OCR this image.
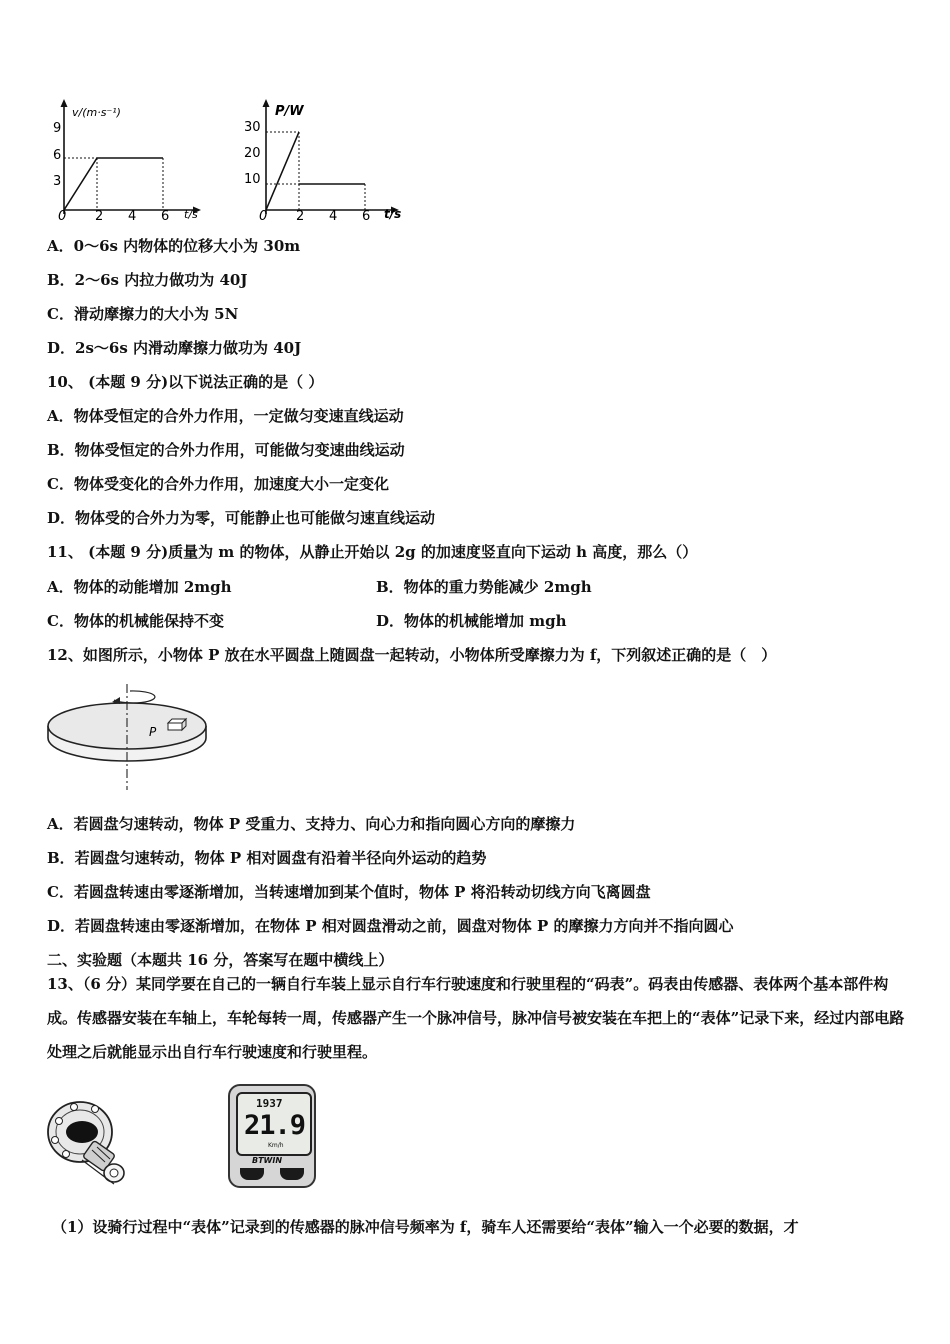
v/(m·s⁻¹)
t/s
0
3
6
9
2 4 6
P/W
t/s
0
10
20
30
2 4 6
A．0～6s 内物体的位移大小为 30m
B．2～6s 内拉力做功为 40J
C．滑动摩擦力的大小为 5N
D．2s～6s 内滑动摩擦力做功为 40J
10、 (本题 9 分)以下说法正确的是（ ）
A．物体受恒定的合外力作用，一定做匀变速直线运动
B．物体受恒定的合外力作用，可能做匀变速曲线运动
C．物体受变化的合外力作用，加速度大小一定变化
D．物体受的合外力为零，可能静止也可能做匀速直线运动
11、 (本题 9 分)质量为 m 的物体，从静止开始以 2g 的加速度竖直向下运动 h 高度，那么（）
A．物体的动能增加 2mgh	B．物体的重力势能减少 2mgh
C．物体的机械能保持不变	D．物体的机械能增加 mgh
12、如图所示，小物体 P 放在水平圆盘上随圆盘一起转动，小物体所受摩擦力为 f，下列叙述正确的是（　）
P
A．若圆盘匀速转动，物体 P 受重力、支持力、向心力和指向圆心方向的摩擦力
B．若圆盘匀速转动，物体 P 相对圆盘有沿着半径向外运动的趋势
C．若圆盘转速由零逐渐增加，当转速增加到某个值时，物体 P 将沿转动切线方向飞离圆盘
D．若圆盘转速由零逐渐增加，在物体 P 相对圆盘滑动之前，圆盘对物体 P 的摩擦力方向并不指向圆心
二、实验题（本题共 16 分，答案写在题中横线上）
13、（6 分）某同学要在自己的一辆自行车装上显示自行车行驶速度和行驶里程的“码表”。码表由传感器、表体两个基本部件构成。传感器安装在车轴上，车轮每转一周，传感器产生一个脉冲信号，脉冲信号被安装在车把上的“表体”记录下来，经过内部电路处理之后就能显示出自行车行驶速度和行驶里程。
1937
21.9
Km/h
BTWIN
（1）设骑行过程中“表体”记录到的传感器的脉冲信号频率为 f，骑车人还需要给“表体”输入一个必要的数据，才
